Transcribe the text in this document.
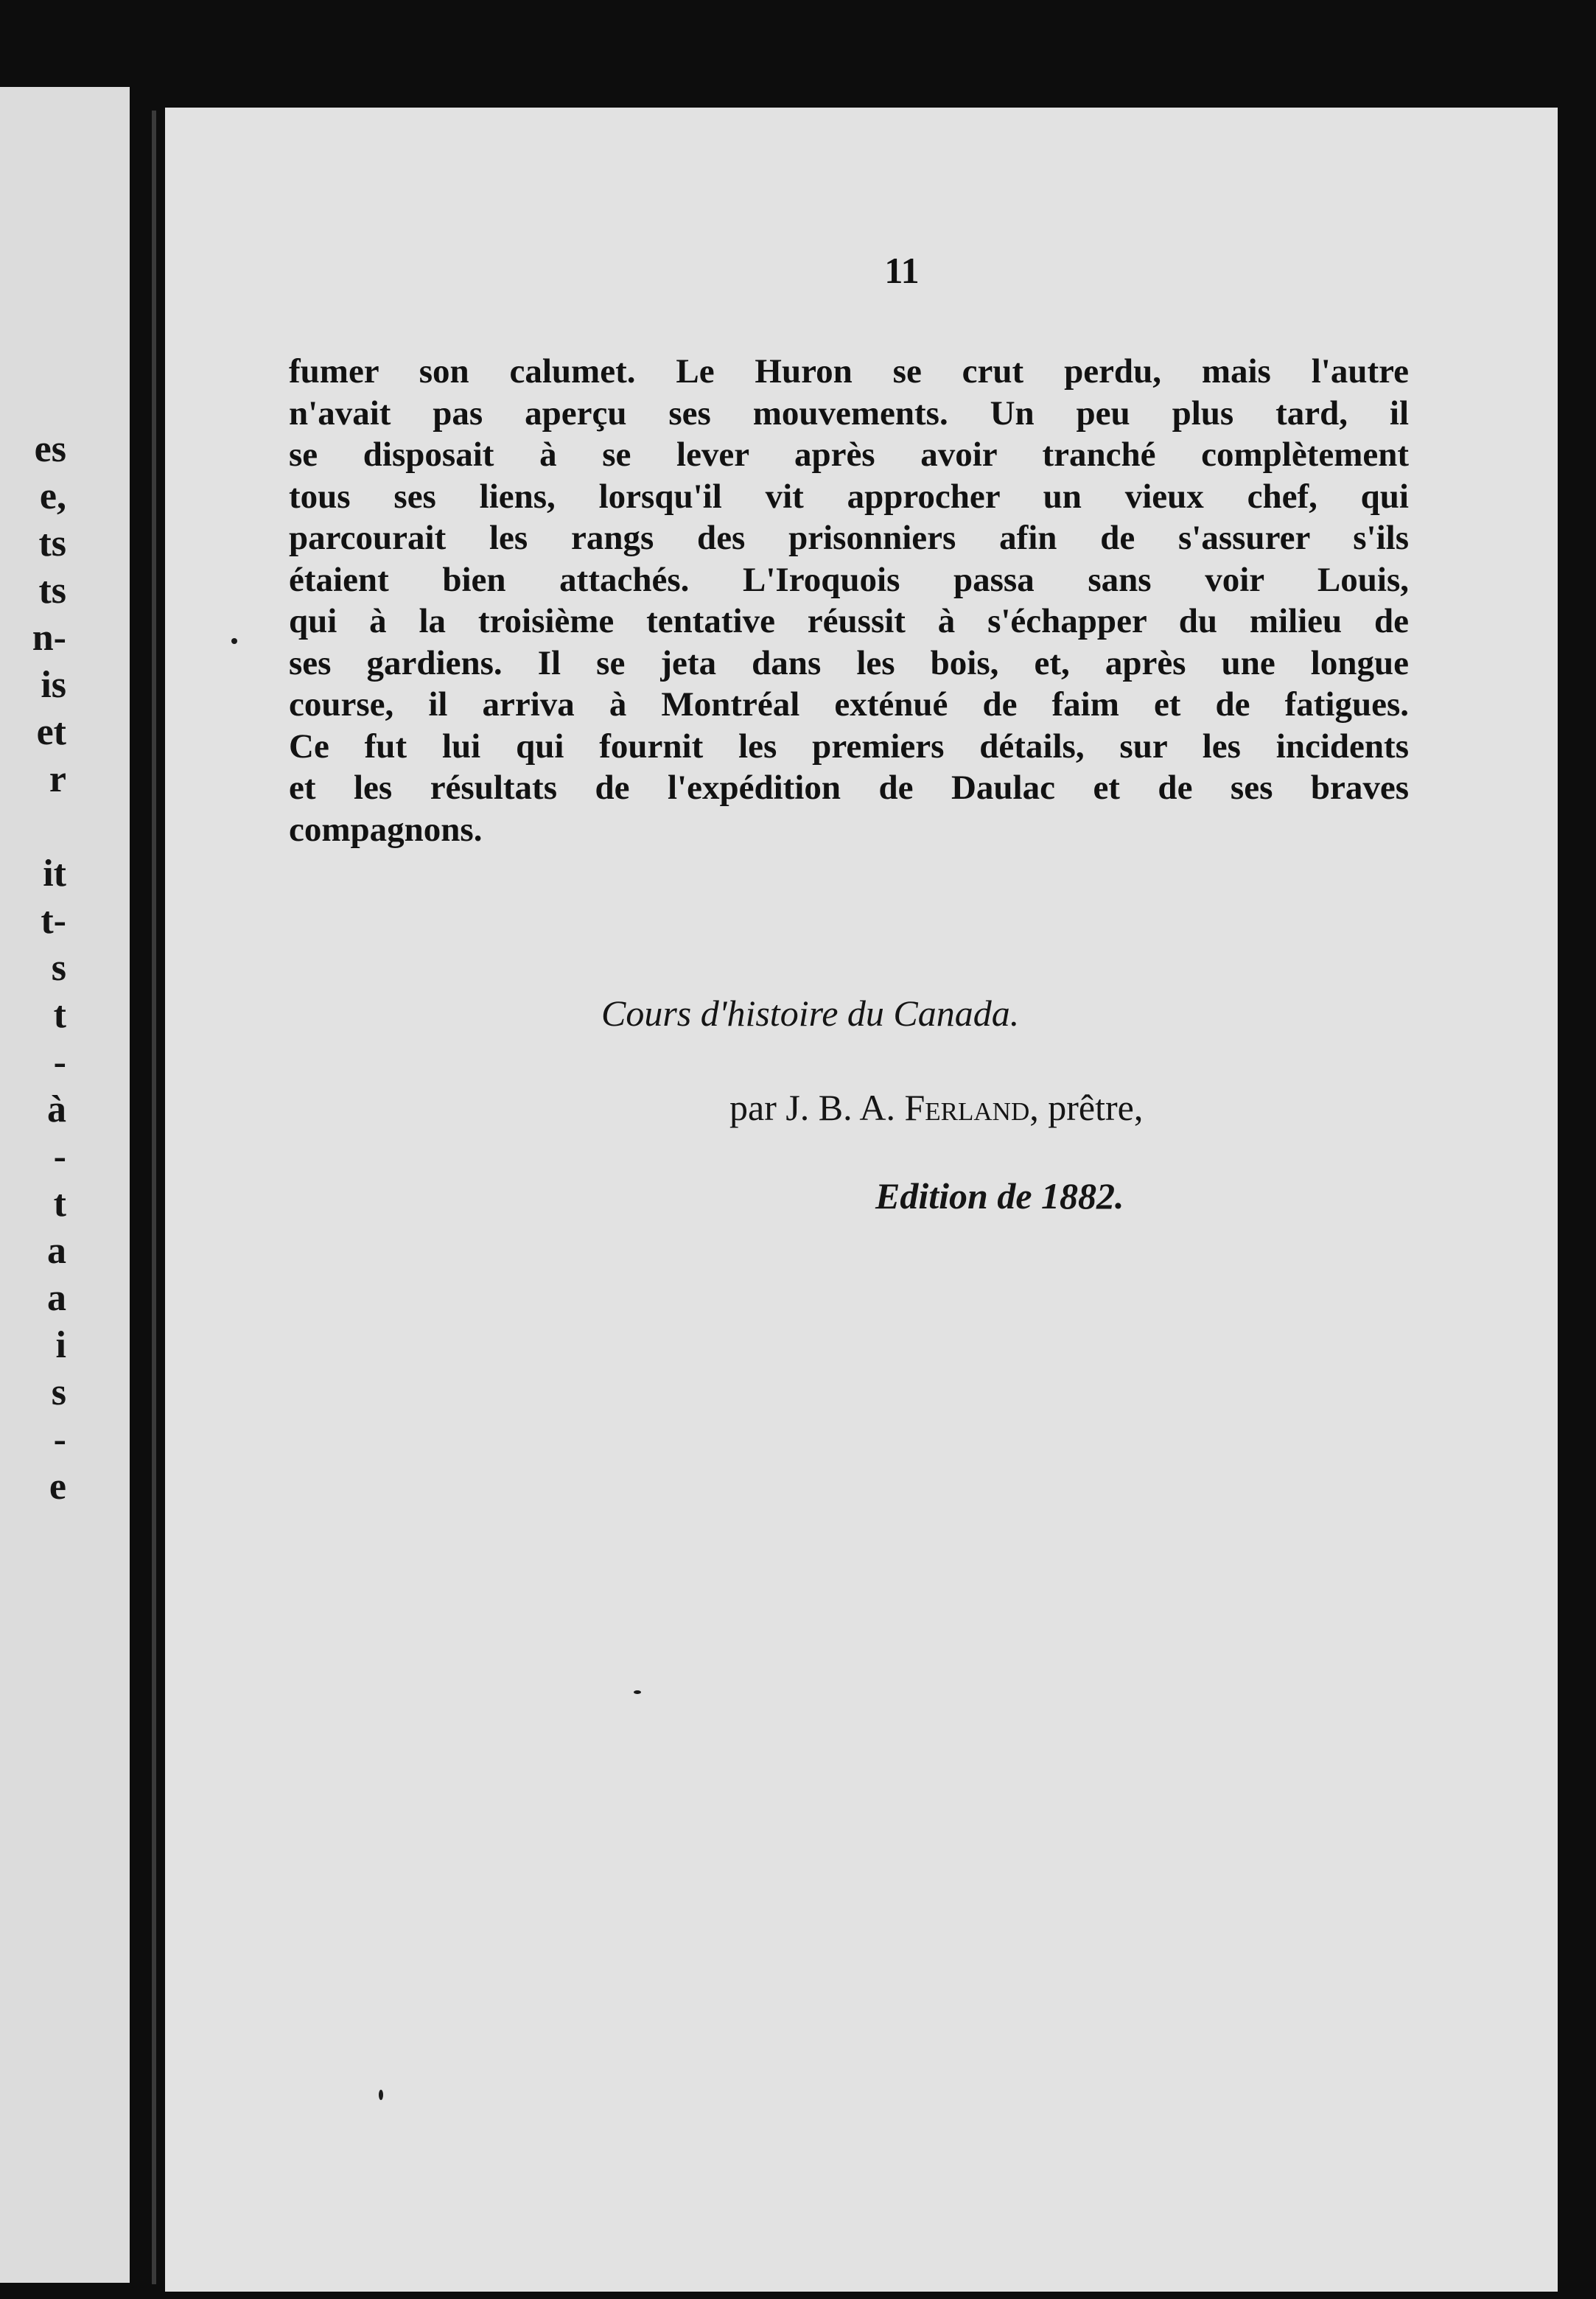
es
e,
ts
ts
n-
is
et
r
it
t-
s
t
-
à
-
t
a
a
i
s
-
e
11
fumer son calumet. Le Huron se crut perdu, mais l'autre
n'avait pas aperçu ses mouvements. Un peu plus tard, il
se disposait à se lever après avoir tranché complètement
tous ses liens, lorsqu'il vit approcher un vieux chef, qui
parcourait les rangs des prisonniers afin de s'assurer s'ils
étaient bien attachés. L'Iroquois passa sans voir Louis,
qui à la troisième tentative réussit à s'échapper du milieu de
ses gardiens. Il se jeta dans les bois, et, après une longue
course, il arriva à Montréal exténué de faim et de fatigues.
Ce fut lui qui fournit les premiers détails, sur les incidents
et les résultats de l'expédition de Daulac et de ses braves
compagnons.
Cours d'histoire du Canada.
par J. B. A. Ferland, prêtre,
Edition de 1882.
